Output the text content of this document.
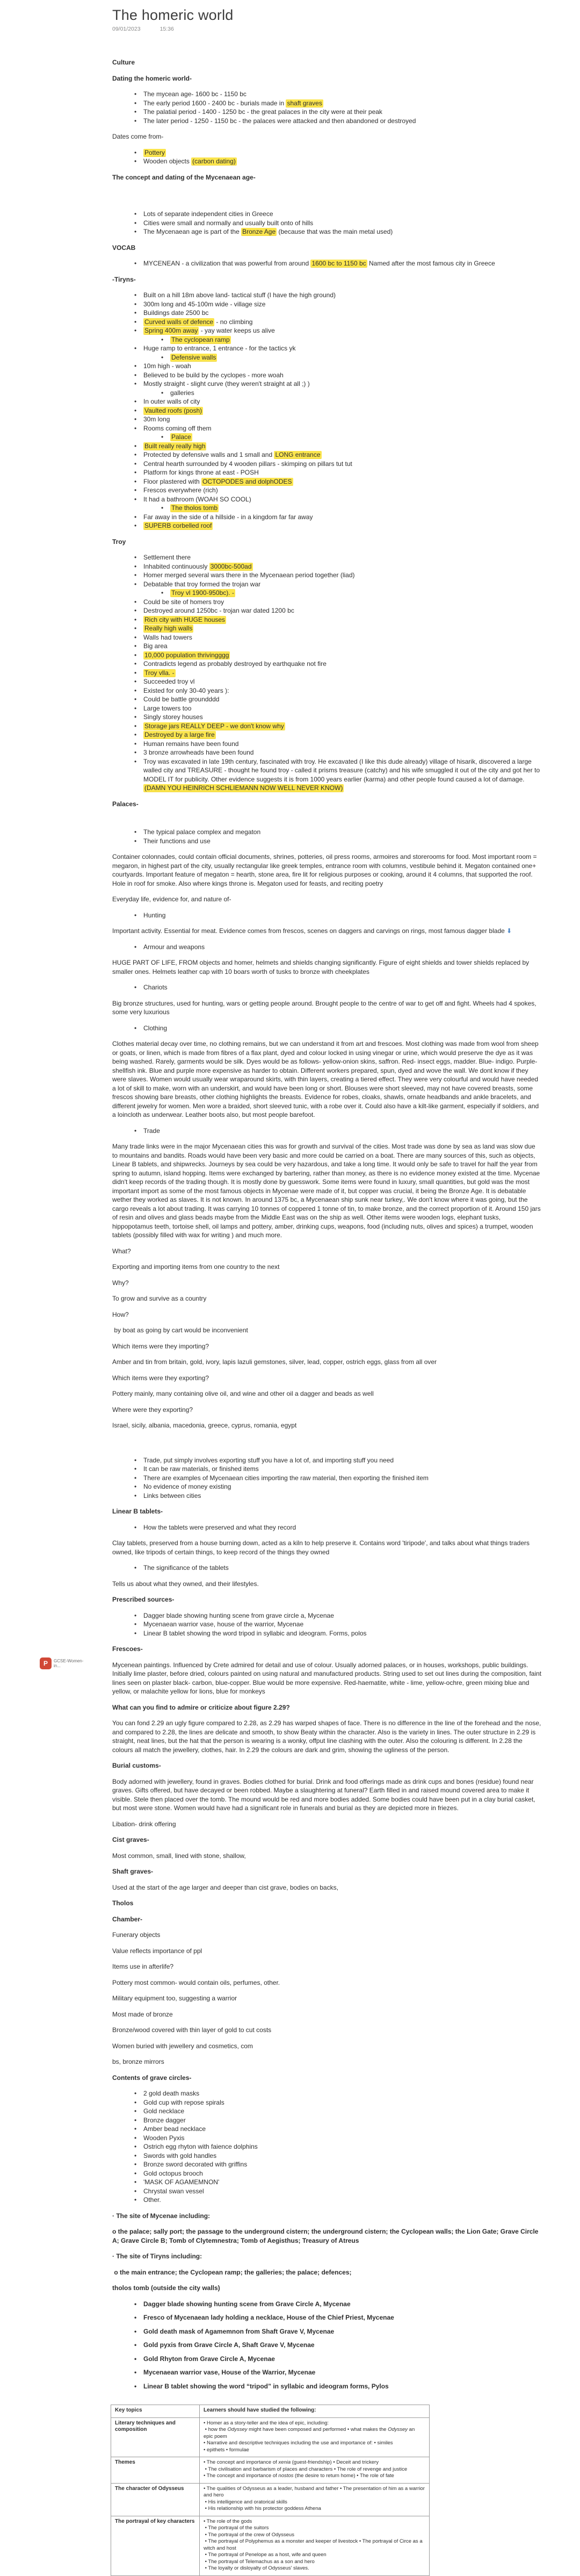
P	GCSE-Women-in...
The homeric world
09/01/2023	15:36
Culture
Dating the homeric world-
• The mycean age- 1600 bc - 1150 bc
• The early period 1600 - 2400 bc - burials made in shaft graves
• The palatial period - 1400 - 1250 bc - the great palaces in the city were at their peak
• The later period - 1250 - 1150 bc - the palaces were attacked and then abandoned or destroyed
Dates come from-
• Pottery
• Wooden objects (carbon dating)
The concept and dating of the Mycenaean age-
• Lots of separate independent cities in Greece
• Cities were small and normally and usually built onto of hills
• The Mycenaean age is part of the Bronze Age (because that was the main metal used)
VOCAB
• MYCENEAN - a civilization that was powerful from around 1600 bc to 1150 bc Named after the most famous city in Greece
-Tiryns-
• Built on a hill 18m above land- tactical stuff (I have the high ground)
• 300m long and 45-100m wide - village size
• Buildings date 2500 bc
• Curved walls of defence - no climbing
• Spring 400m away - yay water keeps us alive
• The cyclopean ramp
• Huge ramp to entrance, 1 entrance - for the tactics yk
• Defensive walls
• 10m high - woah
• Believed to be build by the cyclopes - more woah
• Mostly straight - slight curve (they weren't straight at all ;) )
• galleries
• In outer walls of city
• Vaulted roofs (posh)
• 30m long
• Rooms coming off them
• Palace
• Built really really high
• Protected by defensive walls and 1 small and LONG entrance
• Central hearth surrounded by 4 wooden pillars - skimping on pillars tut tut
• Platform for kings throne at east - POSH
• Floor plastered with OCTOPODES and dolphODES
• Frescos everywhere (rich)
• It had a bathroom (WOAH SO COOL)
• The tholos tomb
• Far away in the side of a hillside - in a kingdom far far away
• SUPERB corbelled roof
Troy
• Settlement there
• Inhabited continuously 3000bc-500ad
• Homer merged several wars there in the Mycenaean period together (liad)
• Debatable that troy formed the trojan war
• Troy vl 1900-950bc). -
• Could be site of homers troy
• Destroyed around 1250bc - trojan war dated 1200 bc
• Rich city with HUGE houses
• Really high walls
• Walls had towers
• Big area
• 10,000 population thrivingggg
• Contradicts legend as probably destroyed by earthquake not fire
• Troy vlla. -
• Succeeded troy vl
• Existed for only 30-40 years ):
• Could be battle groundddd
• Large towers too
• Singly storey houses
• Storage jars REALLY DEEP - we don't know why
• Destroyed by a large fire
• Human remains have been found
• 3 bronze arrowheads have been found
• Troy was excavated in late 19th century, fascinated with troy. He excavated (I like this dude already) village of hisarik, discovered a large walled city and TREASURE - thought he found troy - called it prisms treasure (catchy) and his wife smuggled it out of the city and got her to MODEL IT for publicity. Other evidence suggests it is from 1000 years earlier (karma) and other people found caused a lot of damage. (DAMN YOU HEINRICH SCHLIEMANN NOW WELL NEVER KNOW)
Palaces-
• The typical palace complex and megaton
• Their functions and use
Container colonnades, could contain official documents, shrines, potteries, oil press rooms, armoires and storerooms for food. Most important room = megaron, in highest part of the city, usually rectangular like greek temples, entrance room with columns, vestibule behind it. Megaton contained one+ courtyards. Important feature of megaton = hearth, stone area, fire lit for religious purposes or cooking, around it 4 columns, that supported the roof. Hole in roof for smoke. Also where kings throne is. Megaton used for feasts, and reciting poetry
Everyday life, evidence for, and nature of-
• Hunting
Important activity. Essential for meat. Evidence comes from frescos, scenes on daggers and carvings on rings, most famous dagger blade ⬇
• Armour and weapons
HUGE PART OF LIFE, FROM objects and homer, helmets and shields changing significantly. Figure of eight shields and tower shields replaced by smaller ones. Helmets leather cap with 10 boars worth of tusks to bronze with cheekplates
• Chariots
Big bronze structures, used for hunting, wars or getting people around. Brought people to the centre of war to get off and fight. Wheels had 4 spokes, some very luxurious
• Clothing
Clothes material decay over time, no clothing remains, but we can understand it from art and frescoes. Most clothing was made from wool from sheep or goats, or linen, which is made from fibres of a flax plant, dyed and colour locked in using vinegar or urine, which would preserve the dye as it was being washed. Rarely, garments would be silk. Dyes would be as follows- yellow-onion skins, saffron. Red- insect eggs, madder. Blue- indigo. Purple- shellfish ink. Blue and purple more expensive as harder to obtain. Different workers prepared, spun, dyed and wove the wall. We dont know if they were slaves. Women would usually wear wraparound skirts, with thin layers, creating a tiered effect. They were very colourful and would have needed a lot of skill to make, worn with an underskirt, and would have been long or short. Blouses were short sleeved, may not have covered breasts, some frescos showing bare breasts, other clothing highlights the breasts. Evidence for robes, cloaks, shawls, ornate headbands and ankle bracelets, and different jewelry for women. Men wore a braided, short sleeved tunic, with a robe over it. Could also have a kilt-like garment, especially if soldiers, and a loincloth as underwear. Leather boots also, but most people barefoot.
• Trade
Many trade links were in the major Mycenaean cities this was for growth and survival of the cities. Most trade was done by sea as land was slow due to mountains and bandits. Roads would have been very basic and more could be carried on a boat. There are many sources of this, such as objects, Linear B tablets, and shipwrecks. Journeys by sea could be very hazardous, and take a long time. It would only be safe to travel for half the year from spring to autumn, island hopping. Items were exchanged by bartering, rather than money, as there is no evidence money existed at the time. Mycenae didn't keep records of the trading though. It is mostly done by guesswork. Some items were found in luxury, small quantities, but gold was the most important import as some of the most famous objects in Mycenae were made of it, but copper was crucial, it being the Bronze Age. It is debatable wether they worked as slaves. It is not known. In around 1375 bc, a Mycenaean ship sunk near turkey,. We don't know where it was going, but the cargo reveals a lot about trading. It was carrying 10 tonnes of coppered 1 tonne of tin, to make bronze, and the correct proportion of it. Around 150 jars of resin and olives and glass beads maybe from the Middle East was on the ship as well. Other items were wooden logs, elephant tusks, hippopotamus teeth, tortoise shell, oil lamps and pottery, amber, drinking cups, weapons, food (including nuts, olives and spices) a trumpet, wooden tablets (possibly filled with wax for writing ) and much more.
What?
Exporting and importing items from one country to the next
Why?
To grow and survive as a country
How?
by boat as going by cart would be inconvenient
Which items were they importing?
Amber and tin from britain, gold, ivory, lapis lazuli gemstones, silver, lead, copper, ostrich eggs, glass from all over
Which items were they exporting?
Pottery mainly, many containing olive oil, and wine and other oil a dagger and beads as well
Where were they exporting?
Israel, sicily, albania, macedonia, greece, cyprus, romania, egypt
• Trade, put simply involves exporting stuff you have a lot of, and importing stuff you need
• It can be raw materials, or finished items
• There are examples of Mycenaean cities importing the raw material, then exporting the finished item
• No evidence of money existing
• Links between cities
Linear B tablets-
• How the tablets were preserved and what they record
Clay tablets, preserved from a house burning down, acted as a kiln to help preserve it. Contains word 'tiripode', and talks about what things traders owned, like tripods of certain things, to keep record of the things they owned
• The significance of the tablets
Tells us about what they owned, and their lifestyles.
Prescribed sources-
• Dagger blade showing hunting scene from grave circle a, Mycenae
• Mycenaean warrior vase, house of the warrior, Mycenae
• Linear B tablet showing the word tripod in syllabic and ideogram. Forms, polos
Frescoes-
Mycenean paintings. Influenced by Crete admired for detail and use of colour. Usually adorned palaces, or in houses, workshops, public buildings. Initially lime plaster, before dried, colours painted on using natural and manufactured products. String used to set out lines during the composition, faint lines seen on plaster black- carbon, blue-copper. Blue would be more expensive. Red-haematite, white - lime, yellow-ochre, green mixing blue and yellow, or malachite yellow for lions, blue for monkeys
What can you find to admire or criticize about figure 2.29?
You can fond 2.29 an ugly figure compared to 2.28, as 2.29 has warped shapes of face. There is no difference in the line of the forehead and the nose, and compared to 2.28, the lines are delicate and smooth, to show Beaty within the character. Also is the variety in lines. The outer structure in 2.29 is straight, neat lines, but the hat that the person is wearing is a wonky, offput line clashing with the outer. Also the colouring is different. In 2.28 the colours all match the jewellery, clothes, hair. In 2.29 the colours are dark and grim, showing the ugliness of the person.
Burial customs-
Body adorned with jewellery, found in graves. Bodies clothed for burial. Drink and food offerings made as drink cups and bones (residue) found near graves. Gifts offered, but have decayed or been robbed. Maybe a slaughtering at funeral? Earth filled in and raised mound covered area to make it visible. Stele then placed over the tomb. The mound would be red and more bodies added. Some bodies could have been put in a clay burial casket, but most were stone. Women would have had a significant role in funerals and burial as they are depicted more in friezes.
Libation- drink offering
Cist graves-
Most common, small, lined with stone, shallow,
Shaft graves-
Used at the start of the age larger and deeper than cist grave, bodies on backs,
Tholos
Chamber-
Funerary objects
Value reflects importance of ppl
Items use in afterlife?
Pottery most common- would contain oils, perfumes, other.
Military equipment too, suggesting a warrior
Most made of bronze
Bronze/wood covered with thin layer of gold to cut costs
Women buried with jewellery and cosmetics, com
bs, bronze mirrors
Contents of grave circles-
• 2 gold death masks
• Gold cup with repose spirals
• Gold necklace
• Bronze dagger
• Amber bead necklace
• Wooden Pyxis
• Ostrich egg rhyton with faience dolphins
• Swords with gold handles
• Bronze sword decorated with griffins
• Gold octopus brooch
• 'MASK OF AGAMEMNON'
• Chrystal swan vessel
• Other.
· The site of Mycenae including:
o the palace; sally port; the passage to the underground cistern; the underground cistern; the Cyclopean walls; the Lion Gate; Grave Circle A; Grave Circle B; Tomb of Clytemnestra; Tomb of Aegisthus; Treasury of Atreus
· The site of Tiryns including:
o the main entrance; the Cyclopean ramp; the galleries; the palace; defences;
tholos tomb (outside the city walls)
• Dagger blade showing hunting scene from Grave Circle A, Mycenae
• Fresco of Mycenaean lady holding a necklace, House of the Chief Priest, Mycenae
• Gold death mask of Agamemnon from Shaft Grave V, Mycenae
• Gold pyxis from Grave Circle A, Shaft Grave V, Mycenae
• Gold Rhyton from Grave Circle A, Mycenae
• Mycenaean warrior vase, House of the Warrior, Mycenae
• Linear B tablet showing the word “tripod” in syllabic and ideogram forms, Pylos
Key topics	Learners should have studied the following:
Literary techniques and composition	• Homer as a story-teller and the idea of epic, including:
• how the Odyssey might have been composed and performed • what makes the Odyssey an epic poem
• Narrative and descriptive techniques including the use and importance of: • similes
• epithets • formulae

Themes	• The concept and importance of xenia (guest-friendship) • Deceit and trickery
• The civilisation and barbarism of places and characters • The role of revenge and justice
• The concept and importance of nostos (the desire to return home) • The role of fate

The character of Odysseus	• The qualities of Odysseus as a leader, husband and father • The presentation of him as a warrior and hero
• His intelligence and oratorical skills
• His relationship with his protector goddess Athena

The portrayal of key characters	• The role of the gods
• The portrayal of the suitors
• The portrayal of the crew of Odysseus
• The portrayal of Polyphemus as a monster and keeper of livestock • The portrayal of Circe as a witch and host
• The portrayal of Penelope as a host, wife and queen
• The portrayal of Telemachus as a son and hero
• The loyalty or disloyalty of Odysseus' slaves.
